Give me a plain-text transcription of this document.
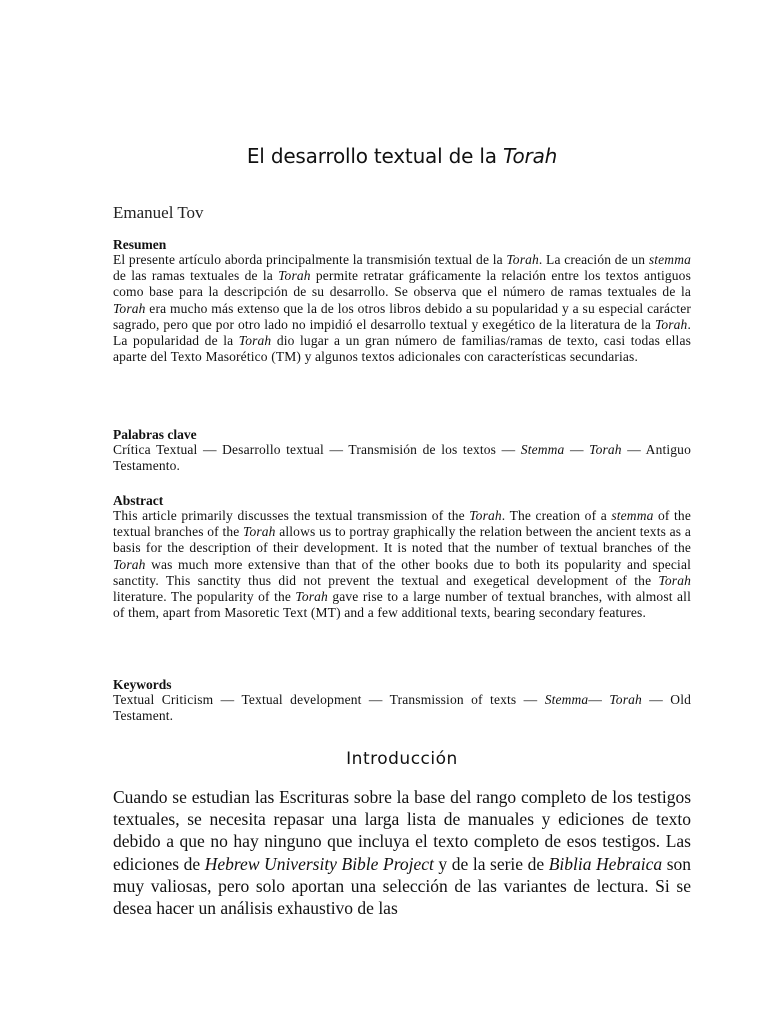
El desarrollo textual de la Torah

Emanuel Tov

Resumen

El presente artículo aborda principalmente la transmisión textual de la Torah. La creación de un stemma de las ramas textuales de la Torah permite retratar gráficamente la relación entre los textos antiguos como base para la descripción de su desarrollo. Se observa que el número de ramas textuales de la Torah era mucho más extenso que la de los otros libros debido a su popularidad y a su especial carácter sagrado, pero que por otro lado no impidió el desarrollo textual y exegético de la literatura de la Torah. La popularidad de la Torah dio lugar a un gran número de familias/ramas de texto, casi todas ellas aparte del Texto Masorético (TM) y algunos textos adicionales con características secundarias.

Palabras clave

Crítica Textual — Desarrollo textual — Transmisión de los textos — Stemma — Torah — Antiguo Testamento.

Abstract

This article primarily discusses the textual transmission of the Torah. The creation of a stemma of the textual branches of the Torah allows us to portray graphically the relation between the ancient texts as a basis for the description of their development. It is noted that the number of textual branches of the Torah was much more extensive than that of the other books due to both its popularity and special sanctity. This sanctity thus did not prevent the textual and exegetical development of the Torah literature. The popularity of the Torah gave rise to a large number of textual branches, with almost all of them, apart from Masoretic Text (MT) and a few additional texts, bearing secondary features.

Keywords

Textual Criticism — Textual development — Transmission of texts — Stemma— Torah — Old Testament.

Introducción

Cuando se estudian las Escrituras sobre la base del rango completo de los testigos textuales, se necesita repasar una larga lista de manuales y ediciones de texto debido a que no hay ninguno que incluya el texto completo de esos testigos. Las ediciones de Hebrew University Bible Project y de la serie de Biblia Hebraica son muy valiosas, pero solo aportan una selección de las variantes de lectura. Si se desea hacer un análisis exhaustivo de las
